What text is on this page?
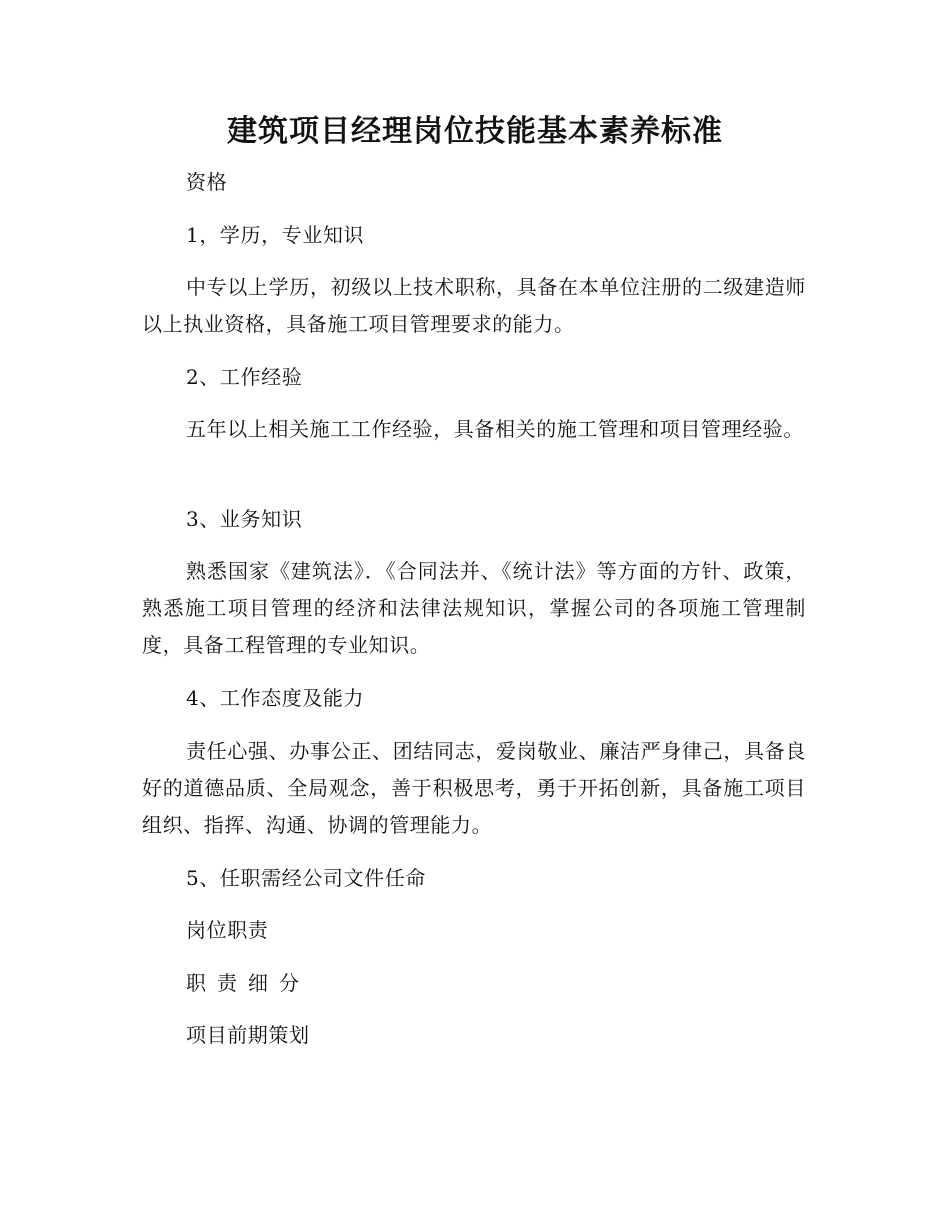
建筑项目经理岗位技能基本素养标准

资格

1，学历，专业知识

中专以上学历，初级以上技术职称，具备在本单位注册的二级建造师以上执业资格，具备施工项目管理要求的能力。

2、工作经验

五年以上相关施工工作经验，具备相关的施工管理和项目管理经验。

3、业务知识

熟悉国家《建筑法》．《合同法并、《统计法》等方面的方针、政策，熟悉施工项目管理的经济和法律法规知识，掌握公司的各项施工管理制度，具备工程管理的专业知识。

4、工作态度及能力

责任心强、办事公正、团结同志，爱岗敬业、廉洁严身律己，具备良好的道德品质、全局观念，善于积极思考，勇于开拓创新，具备施工项目组织、指挥、沟通、协调的管理能力。

5、任职需经公司文件任命

岗位职责

职责细分

项目前期策划
